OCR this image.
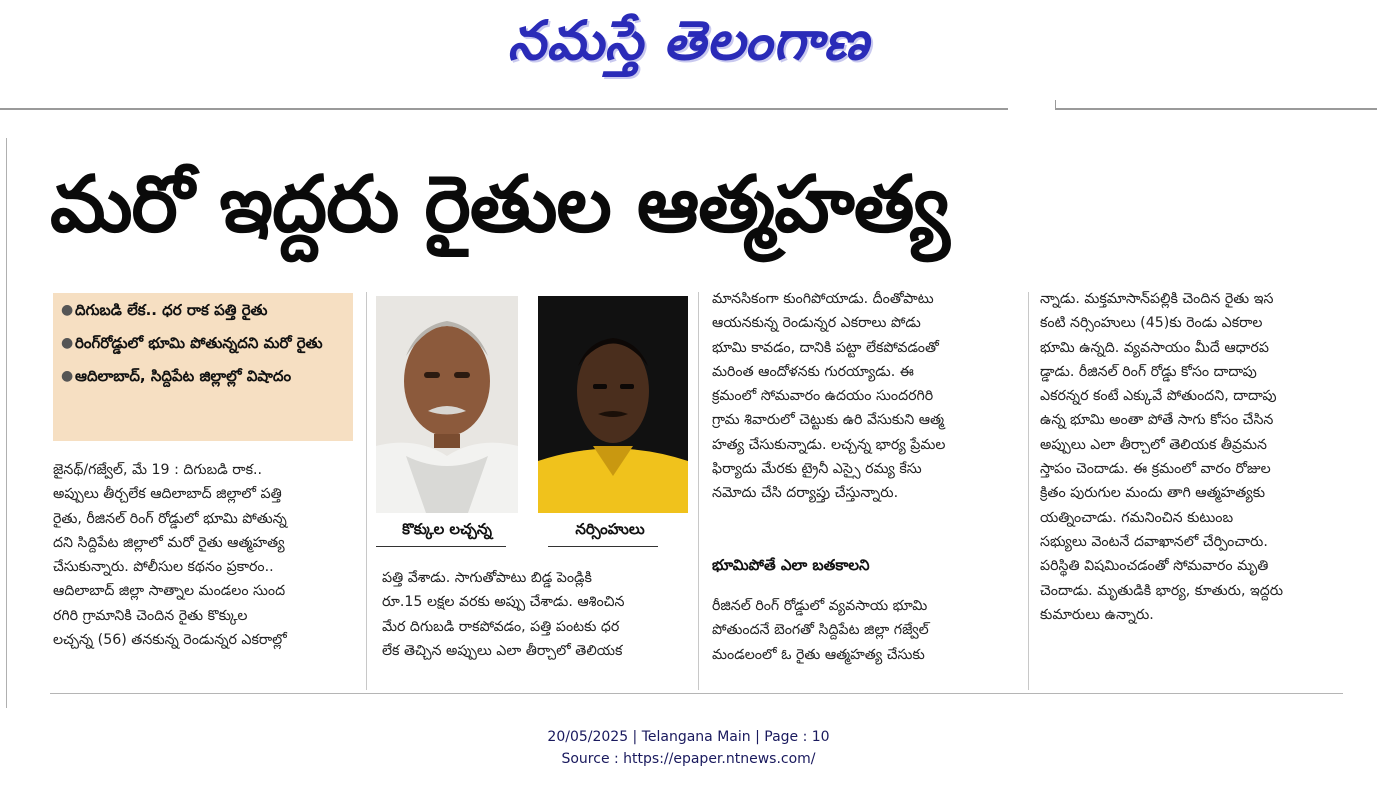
నమస్తే తెలంగాణ
మరో ఇద్దరు రైతుల ఆత్మహత్య
● దిగుబడి లేక.. ధర రాక పత్తి రైతు
● రింగ్‌రోడ్డులో భూమి పోతున్నదని మరో రైతు
● ఆదిలాబాద్, సిద్దిపేట జిల్లాల్లో విషాదం
కొక్కుల లచ్చన్న	నర్సింహులు
జైనథ్/గజ్వేల్, మే 19 : దిగుబడి రాక..
అప్పులు తీర్చలేక ఆదిలాబాద్ జిల్లాలో పత్తి
రైతు, రీజినల్ రింగ్ రోడ్డులో భూమి పోతున్న
దని సిద్దిపేట జిల్లాలో మరో రైతు ఆత్మహత్య
చేసుకున్నారు. పోలీసుల కథనం ప్రకారం..
ఆదిలాబాద్ జిల్లా సాత్నాల మండలం సుంద
రగిరి గ్రామానికి చెందిన రైతు కొక్కుల
లచ్చన్న (56) తనకున్న రెండున్నర ఎకరాల్లో
పత్తి వేశాడు. సాగుతోపాటు బిడ్డ పెండ్లికి
రూ.15 లక్షల వరకు అప్పు చేశాడు. ఆశించిన
మేర దిగుబడి రాకపోవడం, పత్తి పంటకు ధర
లేక తెచ్చిన అప్పులు ఎలా తీర్చాలో తెలియక
మానసికంగా కుంగిపోయాడు. దీంతోపాటు
ఆయనకున్న రెండున్నర ఎకరాలు పోడు
భూమి కావడం, దానికి పట్టా లేకపోవడంతో
మరింత ఆందోళనకు గురయ్యాడు. ఈ
క్రమంలో సోమవారం ఉదయం సుందరగిరి
గ్రామ శివారులో చెట్టుకు ఉరి వేసుకుని ఆత్మ
హత్య చేసుకున్నాడు. లచ్చన్న భార్య ప్రేమల
ఫిర్యాదు మేరకు ట్రైనీ ఎస్సై రమ్య కేసు
నమోదు చేసి దర్యాప్తు చేస్తున్నారు.
భూమిపోతే ఎలా బతకాలని
రీజినల్ రింగ్ రోడ్డులో వ్యవసాయ భూమి
పోతుందనే బెంగతో సిద్దిపేట జిల్లా గజ్వేల్
మండలంలో ఓ రైతు ఆత్మహత్య చేసుకు
న్నాడు. మక్తమాసాన్‌పల్లికి చెందిన రైతు ఇస
కంటి నర్సింహులు (45)కు రెండు ఎకరాల
భూమి ఉన్నది. వ్యవసాయం మీదే ఆధారప
డ్డాడు. రీజినల్ రింగ్ రోడ్డు కోసం దాదాపు
ఎకరన్నర కంటే ఎక్కువే పోతుందని, దాదాపు
ఉన్న భూమి అంతా పోతే సాగు కోసం చేసిన
అప్పులు ఎలా తీర్చాలో తెలియక తీవ్రమన
స్తాపం చెందాడు. ఈ క్రమంలో వారం రోజుల
క్రితం పురుగుల మందు తాగి ఆత్మహత్యకు
యత్నించాడు. గమనించిన కుటుంబ
సభ్యులు వెంటనే దవాఖానలో చేర్పించారు.
పరిస్థితి విషమించడంతో సోమవారం మృతి
చెందాడు. మృతుడికి భార్య, కూతురు, ఇద్దరు
కుమారులు ఉన్నారు.
20/05/2025 | Telangana Main | Page : 10
Source : https://epaper.ntnews.com/
